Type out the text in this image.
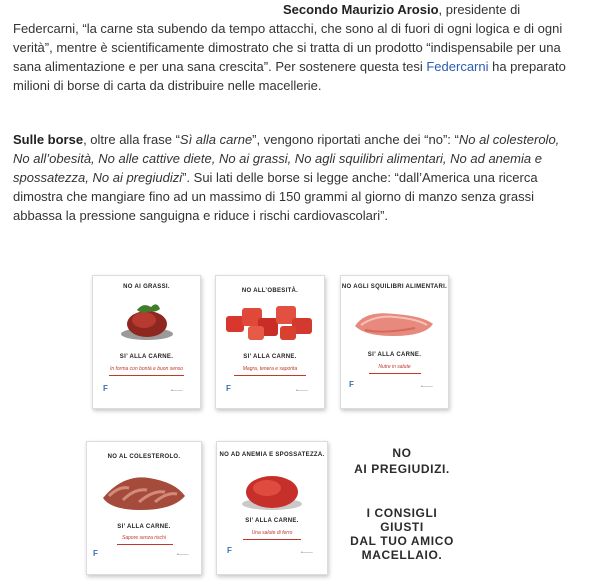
Secondo Maurizio Arosio, presidente di Federcarni, “la carne sta subendo da tempo attacchi, che sono al di fuori di ogni logica e di ogni verità”, mentre è scientificamente dimostrato che si tratta di un prodotto “indispensabile per una sana alimentazione e per una sana crescita”. Per sostenere questa tesi Federcarni ha preparato milioni di borse di carta da distribuire nelle macellerie.

Sulle borse, oltre alla frase “Sì alla carne”, vengono riportati anche dei “no”: “No al colesterolo, No all’obesità, No alle cattive diete, No ai grassi, No agli squilibri alimentari, No ad anemia e spossatezza, No ai pregiudizi”. Sui lati delle borse si legge anche: “dall’America una ricerca dimostra che mangiare fino ad un massimo di 150 grammi al giorno di manzo senza grassi abbassa la pressione sanguigna e riduce i rischi cardiovascolari”.

NO AI GRASSI.
SI’ ALLA CARNE.
In forma con bontà e buon senso
F	•——
NO ALL’OBESITÀ.
SI’ ALLA CARNE.
Magra, tenera e saporita
F	•——
NO AGLI SQUILIBRI ALIMENTARI.
SI’ ALLA CARNE.
Nutre in salute
F	•——
NO AL COLESTEROLO.
SI’ ALLA CARNE.
Sapore senza rischi
F	•——
NO AD ANEMIA E SPOSSATEZZA.
SI’ ALLA CARNE.
Una salute di ferro
F	•——
NO
AI PREGIUDIZI.
I CONSIGLI GIUSTI
DAL TUO AMICO
MACELLAIO.
